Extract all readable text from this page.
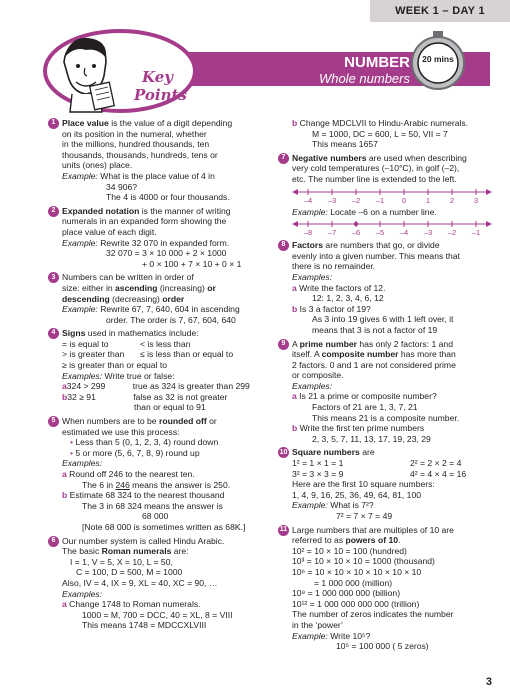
WEEK 1 – DAY 1
NUMBER
Whole numbers
Key
Points
20 mins
1 Place value is the value of a digit depending
on its position in the numeral, whether
in the millions, hundred thousands, ten
thousands, thousands, hundreds, tens or
units (ones) place.
Example: What is the place value of 4 in
34 906?
The 4 is 4000 or four thousands.
2 Expanded notation is the manner of writing
numerals in an expanded form showing the
place value of each digit.
Example: Rewrite 32 070 in expanded form.
32 070 = 3 × 10 000 + 2 × 1000
+ 0 × 100 + 7 × 10 + 0 × 1
3 Numbers can be written in order of
size: either in ascending (increasing) or
descending (decreasing) order
Example: Rewrite 67, 7, 640, 604 in ascending
order. The order is 7, 67, 604, 640
4 Signs used in mathematics include:
= is equal to	< is less than
> is greater than ≤ is less than or equal to
≥ is greater than or equal to
Examples: Write true or false:
a324 > 299	true as 324 is greater than 299
b32 ≥ 91	false as 32 is not greater
than or equal to 91
5 When numbers are to be rounded off or
estimated we use this process:
• Less than 5 (0, 1, 2, 3, 4) round down
• 5 or more (5, 6, 7, 8, 9) round up
Examples:
a Round off 246 to the nearest ten.
The 6 in 246 means the answer is 250.
b Estimate 68 324 to the nearest thousand
The 3 in 68 324 means the answer is
68 000
[Note 68 000 is sometimes written as 68K.]
6 Our number system is called Hindu Arabic.
The basic Roman numerals are:
I = 1, V = 5, X = 10, L = 50,
C = 100, D = 500, M = 1000
Also, IV = 4, IX = 9, XL = 40, XC = 90, …
Examples:
a Change 1748 to Roman numerals.
1000 = M, 700 = DCC, 40 = XL, 8 = VIII
This means 1748 = MDCCXLVIII
b Change MDCLVII to Hindu-Arabic numerals.
M = 1000, DC = 600, L = 50, VII = 7
This means 1657
7 Negative numbers are used when describing
very cold temperatures (–10°C), in golf (–2),
etc. The number line is extended to the left.
–4 –3 –2 –1 0	1	2	3
Example: Locate –6 on a number line.
–8 –7 –6 –5 –4 –3 –2 –1
8 Factors are numbers that go, or divide
evenly into a given number. This means that
there is no remainder.
Examples:
a Write the factors of 12.
12: 1, 2, 3, 4, 6, 12
b Is 3 a factor of 19?
As 3 into 19 gives 6 with 1 left over, it
means that 3 is not a factor of 19
9 A prime number has only 2 factors: 1 and
itself. A composite number has more than
2 factors. 0 and 1 are not considered prime
or composite.
Examples:
a Is 21 a prime or composite number?
Factors of 21 are 1, 3, 7, 21
This means 21 is a composite number.
b Write the first ten prime numbers
2, 3, 5, 7, 11, 13, 17, 19, 23, 29
10 Square numbers are
1² = 1 × 1 = 1	2² = 2 × 2 = 4
3² = 3 × 3 = 9	4² = 4 × 4 = 16
Here are the first 10 square numbers:
1, 4, 9, 16, 25, 36, 49, 64, 81, 100
Example: What is 7²?
7² = 7 × 7 = 49
11 Large numbers that are multiples of 10 are
referred to as powers of 10.
10² = 10 × 10 = 100 (hundred)
10³ = 10 × 10 × 10 = 1000 (thousand)
10⁶ = 10 × 10 × 10 × 10 × 10 × 10
= 1 000 000 (million)
10⁹ = 1 000 000 000 (billion)
10¹² = 1 000 000 000 000 (trillion)
The number of zeros indicates the number
in the ‘power’
Example: Write 10⁵?
10⁵ = 100 000 ( 5 zeros)
3
